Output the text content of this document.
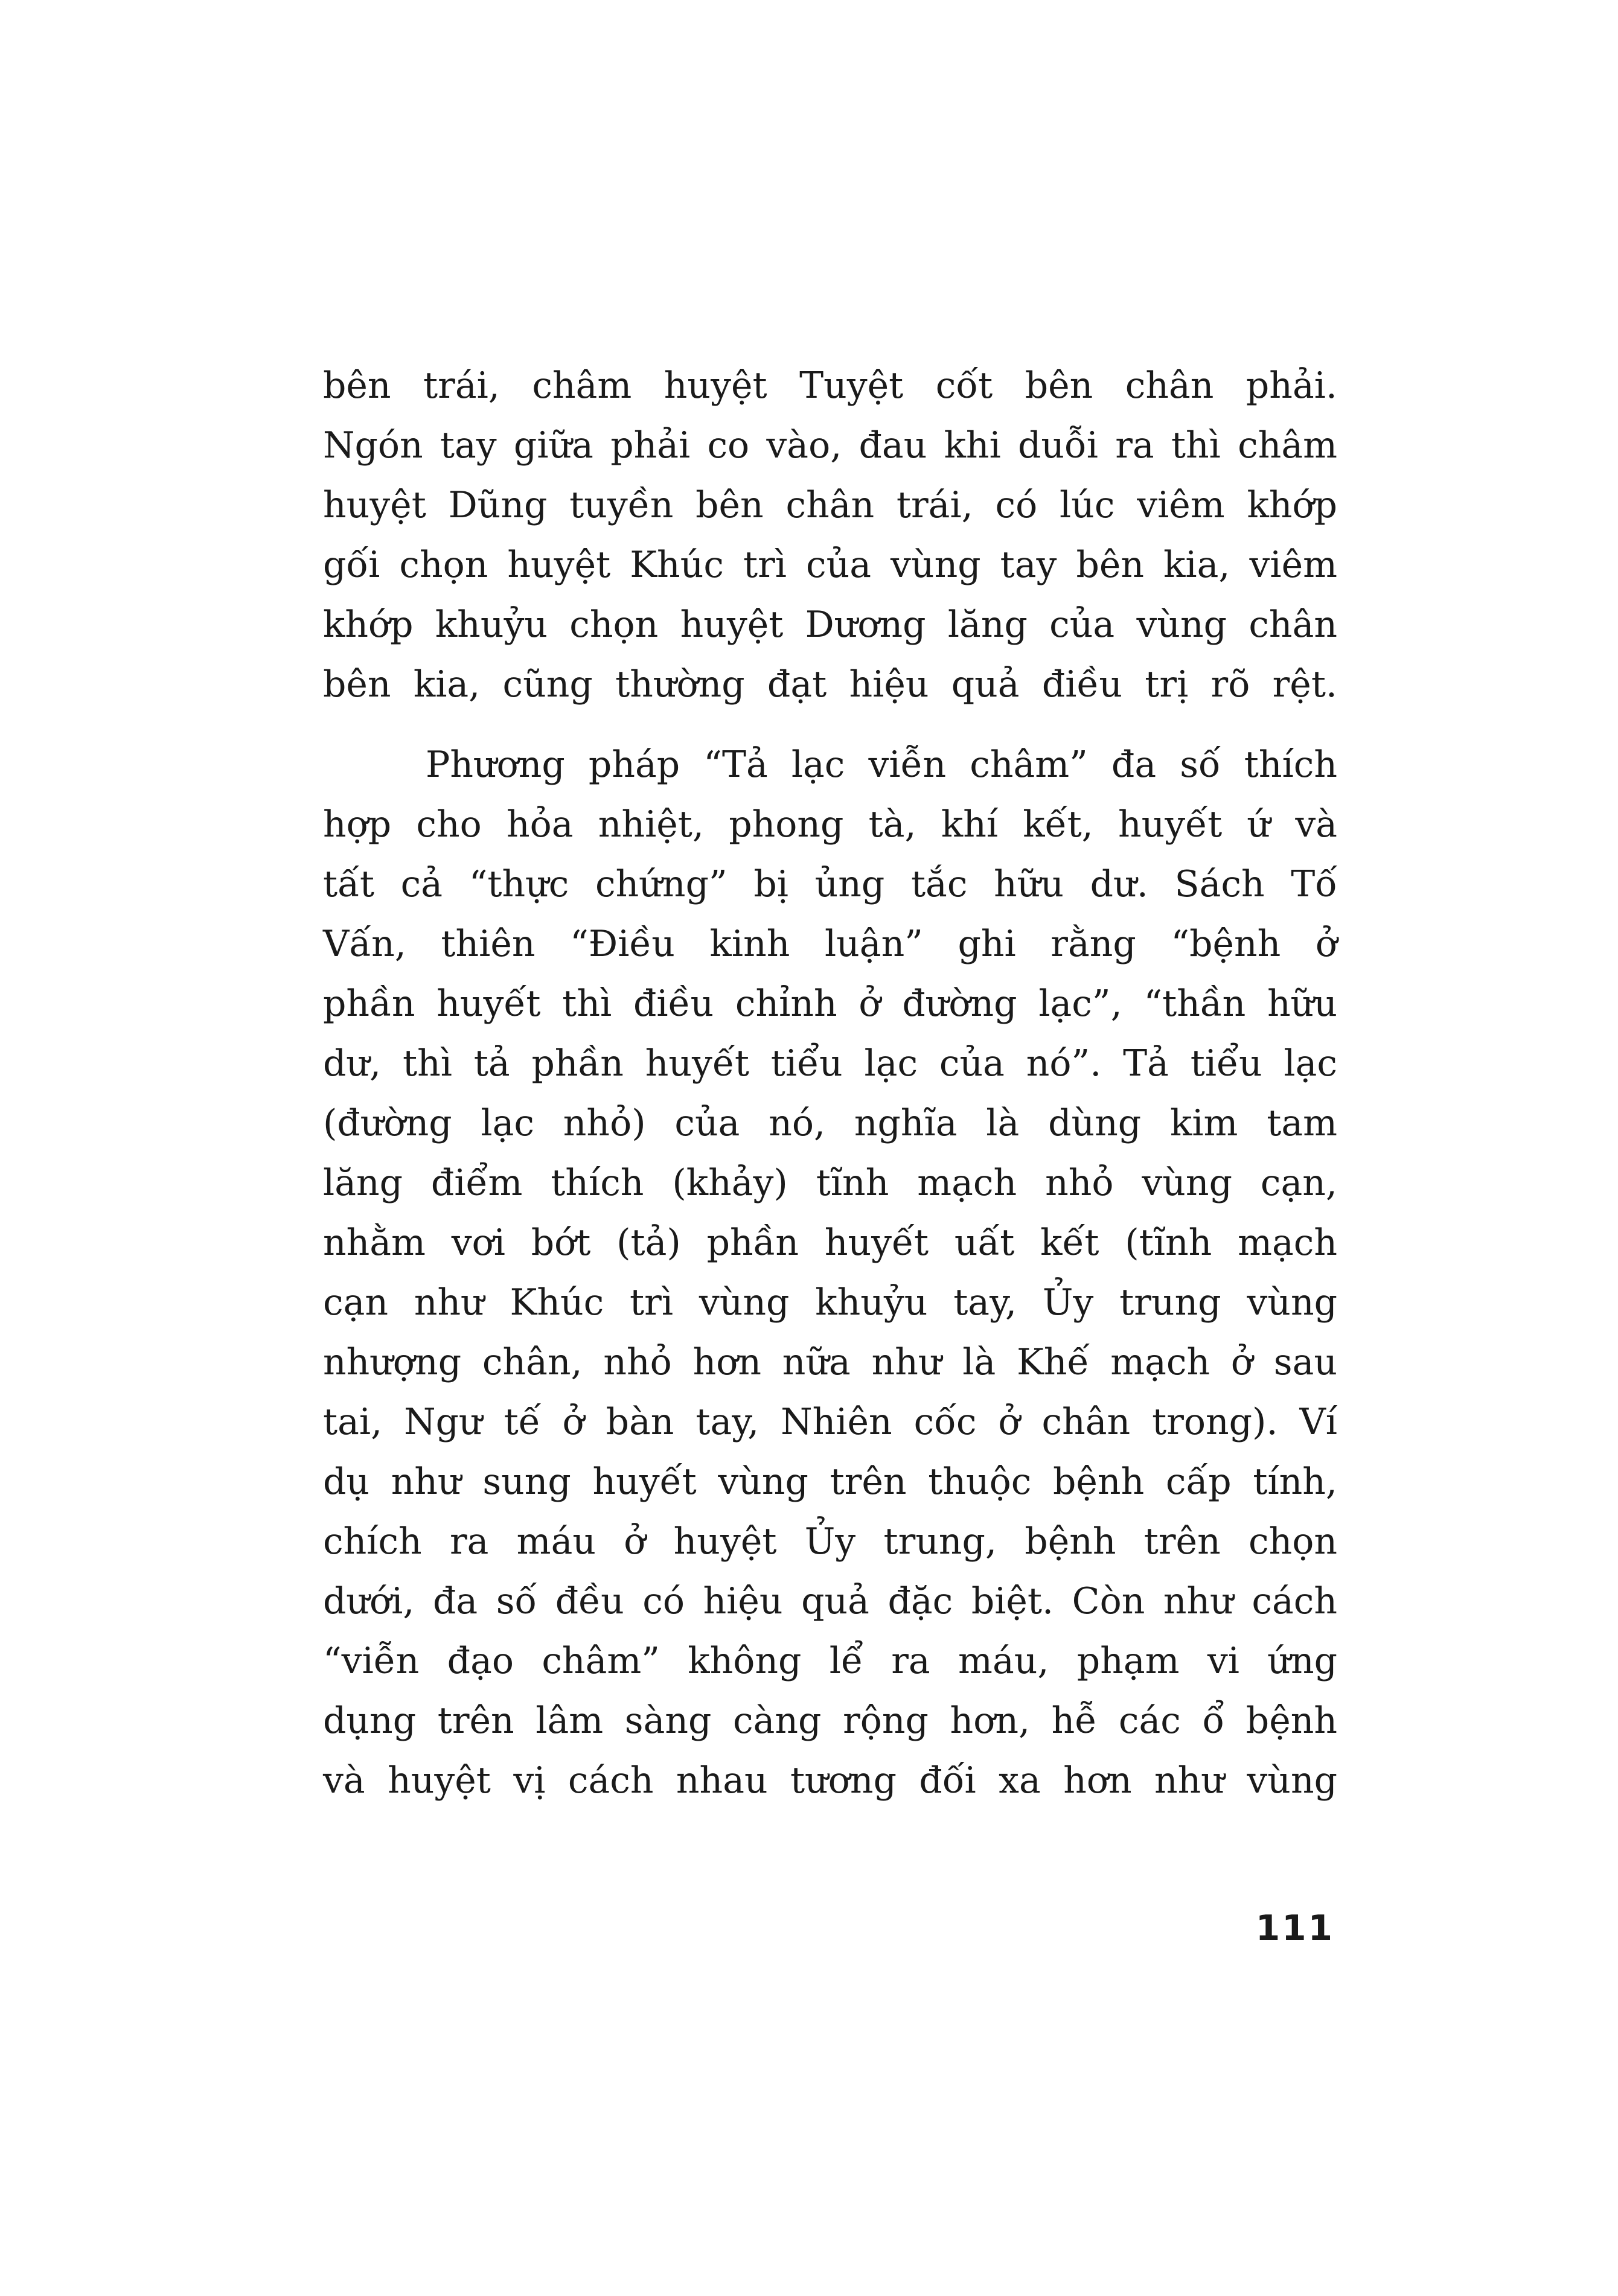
bên trái, châm huyệt Tuyệt cốt bên chân phải.
Ngón tay giữa phải co vào, đau khi duỗi ra thì châm
huyệt Dũng tuyền bên chân trái, có lúc viêm khớp
gối chọn huyệt Khúc trì của vùng tay bên kia, viêm
khớp khuỷu chọn huyệt Dương lăng của vùng chân
bên kia, cũng thường đạt hiệu quả điều trị rõ rệt.
Phương pháp “Tả lạc viễn châm” đa số thích
hợp cho hỏa nhiệt, phong tà, khí kết, huyết ứ và
tất cả “thực chứng” bị ủng tắc hữu dư. Sách Tố
Vấn, thiên “Điều kinh luận” ghi rằng “bệnh ở
phần huyết thì điều chỉnh ở đường lạc”, “thần hữu
dư, thì tả phần huyết tiểu lạc của nó”. Tả tiểu lạc
(đường lạc nhỏ) của nó, nghĩa là dùng kim tam
lăng điểm thích (khảy) tĩnh mạch nhỏ vùng cạn,
nhằm vơi bớt (tả) phần huyết uất kết (tĩnh mạch
cạn như Khúc trì vùng khuỷu tay, Ủy trung vùng
nhượng chân, nhỏ hơn nữa như là Khế mạch ở sau
tai, Ngư tế ở bàn tay, Nhiên cốc ở chân trong). Ví
dụ như sung huyết vùng trên thuộc bệnh cấp tính,
chích ra máu ở huyệt Ủy trung, bệnh trên chọn
dưới, đa số đều có hiệu quả đặc biệt. Còn như cách
“viễn đạo châm” không lể ra máu, phạm vi ứng
dụng trên lâm sàng càng rộng hơn, hễ các ổ bệnh
và huyệt vị cách nhau tương đối xa hơn như vùng
111
